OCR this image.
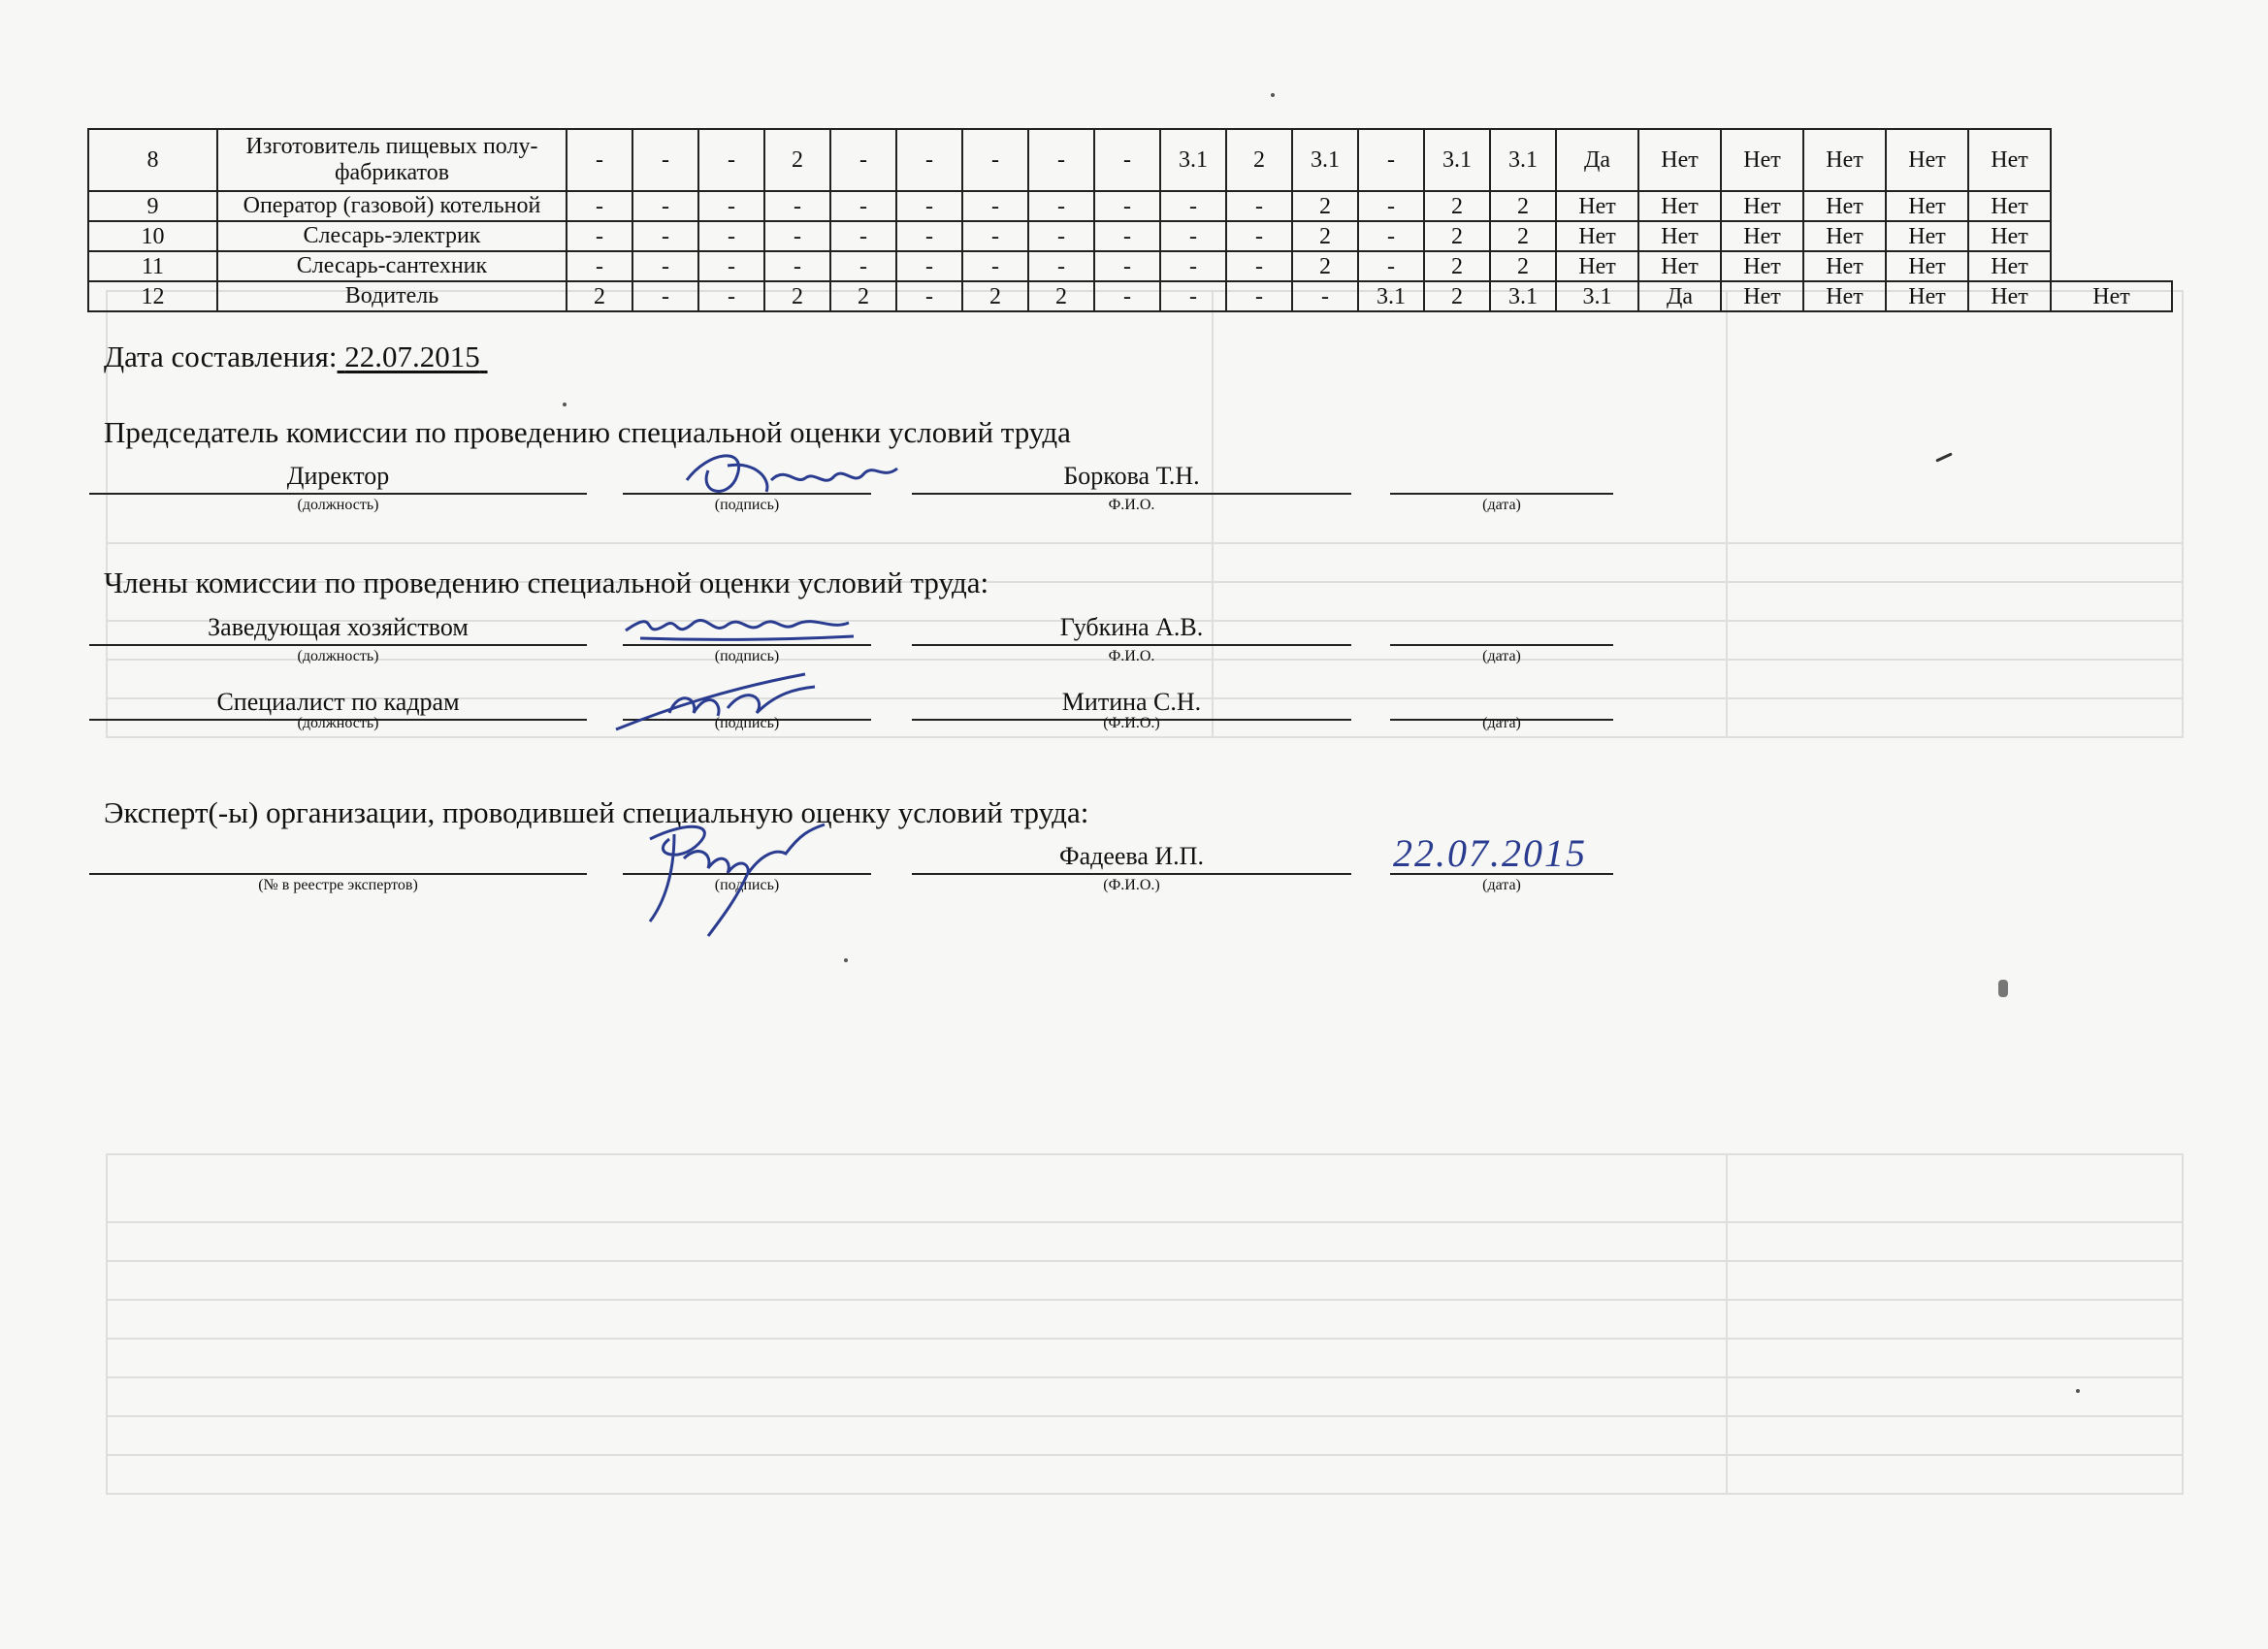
8	Изготовитель пищевых полу-фабрикатов	-	-	-	2	-	-	-	-	-	3.1	2	3.1	-	3.1	3.1	Да	Нет	Нет	Нет	Нет	Нет	
9	Оператор (газовой) котельной	-	-	-	-	-	-	-	-	-	-	-	2	-	2	2	Нет	Нет	Нет	Нет	Нет	Нет	
10	Слесарь-электрик	-	-	-	-	-	-	-	-	-	-	-	2	-	2	2	Нет	Нет	Нет	Нет	Нет	Нет	
11	Слесарь-сантехник	-	-	-	-	-	-	-	-	-	-	-	2	-	2	2	Нет	Нет	Нет	Нет	Нет	Нет	
12	Водитель	2	-	-	2	2	-	2	2	-	-	-	-	3.1	2	3.1	3.1	Да	Нет	Нет	Нет	Нет	Нет
Дата составления: 22.07.2015
Председатель комиссии по проведению специальной оценки условий труда
Директор
(должность)	(подпись)
Боркова Т.Н.
Ф.И.О.	(дата)
Члены комиссии по проведению специальной оценки условий труда:
Заведующая хозяйством
(должность)	(подпись)
Губкина А.В.
Ф.И.О.	(дата)
Специалист по кадрам
(должность)	(подпись)
Митина С.Н.
(Ф.И.О.)	(дата)
Эксперт(-ы) организации, проводившей специальную оценку условий труда:
(№ в реестре экспертов)	(подпись)
Фадеева И.П.
(Ф.И.О.)	(дата)
22.07.2015
